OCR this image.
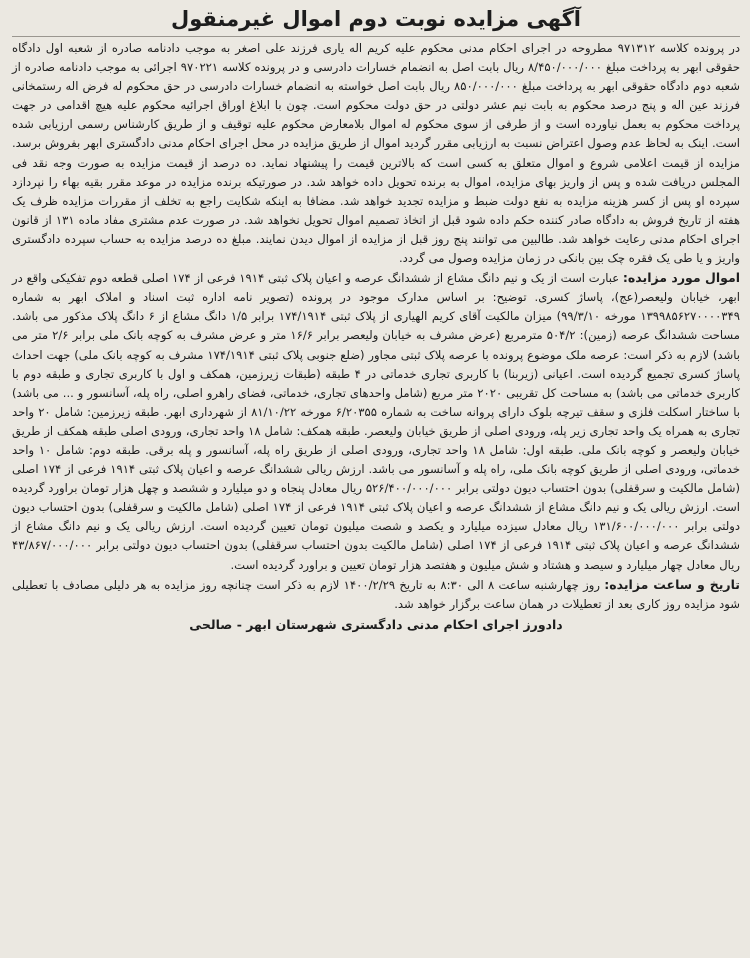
آگهی مزایده نوبت دوم اموال غیرمنقول

در پرونده کلاسه ۹۷۱۳۱۲ مطروحه در اجرای احکام مدنی محکوم علیه کریم اله یاری فرزند علی اصغر به موجب دادنامه صادره از شعبه اول دادگاه حقوقی ابهر به پرداخت مبلغ ۸/۴۵۰/۰۰۰/۰۰۰ ریال بابت اصل به انضمام خسارات دادرسی و در پرونده کلاسه ۹۷۰۲۲۱ اجرائی به موجب دادنامه صادره از شعبه دوم دادگاه حقوقی ابهر به پرداخت مبلغ ۸۵۰/۰۰۰/۰۰۰ ریال بابت اصل خواسته به انضمام خسارات دادرسی در حق محکوم له فرض اله رستمخانی فرزند عین اله و پنج درصد محکوم به بابت نیم عشر دولتی در حق دولت محکوم است. چون با ابلاغ اوراق اجرائیه محکوم علیه هیچ اقدامی در جهت پرداخت محکوم به بعمل نیاورده است و از طرفی از سوی محکوم له اموال بلامعارض محکوم علیه توقیف و از طریق کارشناس رسمی ارزیابی شده است. اینک به لحاظ عدم وصول اعتراض نسبت به ارزیابی مقرر گردید اموال از طریق مزایده در محل اجرای احکام مدنی دادگستری ابهر بفروش برسد. مزایده از قیمت اعلامی شروع و اموال متعلق به کسی است که بالاترین قیمت را پیشنهاد نماید. ده درصد از قیمت مزایده به صورت وجه نقد فی المجلس دریافت شده و پس از واریز بهای مزایده، اموال به برنده تحویل داده خواهد شد. در صورتیکه برنده مزایده در موعد مقرر بقیه بهاء را نپردازد سپرده او پس از کسر هزینه مزایده به نفع دولت ضبط و مزایده تجدید خواهد شد. مضافا به اینکه شکایت راجع به تخلف از مقررات مزایده ظرف یک هفته از تاریخ فروش به دادگاه صادر کننده حکم داده شود قبل از اتخاذ تصمیم اموال تحویل نخواهد شد. در صورت عدم مشتری مفاد ماده ۱۳۱ از قانون اجرای احکام مدنی رعایت خواهد شد. طالبین می توانند پنج روز قبل از مزایده از اموال دیدن نمایند. مبلغ ده درصد مزایده به حساب سپرده دادگستری واریز و یا طی یک فقره چک بین بانکی در زمان مزایده وصول می گردد.

اموال مورد مزایده: عبارت است از یک و نیم دانگ مشاع از ششدانگ عرصه و اعیان پلاک ثبتی ۱۹۱۴ فرعی از ۱۷۴ اصلی قطعه دوم تفکیکی واقع در ابهر، خیابان ولیعصر(عج)، پاساژ کسری. توضیح: بر اساس مدارک موجود در پرونده (تصویر نامه اداره ثبت اسناد و املاک ابهر به شماره ۱۳۹۹۸۵۶۲۷۰۰۰۰۳۴۹ مورخه ۹۹/۳/۱۰) میزان مالکیت آقای کریم الهیاری از پلاک ثبتی ۱۷۴/۱۹۱۴ برابر ۱/۵ دانگ مشاع از ۶ دانگ پلاک مذکور می باشد. مساحت ششدانگ عرصه (زمین): ۵۰۴/۲ مترمربع (عرض مشرف به خیابان ولیعصر برابر ۱۶/۶ متر و عرض مشرف به کوچه بانک ملی برابر ۲/۶ متر می باشد) لازم به ذکر است: عرصه ملک موضوع پرونده با عرصه پلاک ثبتی مجاور (ضلع جنوبی پلاک ثبتی ۱۷۴/۱۹۱۴ مشرف به کوچه بانک ملی) جهت احداث پاساژ کسری تجمیع گردیده است. اعیانی (زیربنا) با کاربری تجاری خدماتی در ۴ طبقه (طبقات زیرزمین، همکف و اول با کاربری تجاری و طبقه دوم با کاربری خدماتی می باشد) به مساحت کل تقریبی ۲۰۲۰ متر مربع (شامل واحدهای تجاری، خدماتی، فضای راهرو اصلی، راه پله، آسانسور و ... می باشد) با ساختار اسکلت فلزی و سقف تیرچه بلوک دارای پروانه ساخت به شماره ۶/۲۰۳۵۵ مورخه ۸۱/۱۰/۲۲ از شهرداری ابهر. طبقه زیرزمین: شامل ۲۰ واحد تجاری به همراه یک واحد تجاری زیر پله، ورودی اصلی از طریق خیابان ولیعصر. طبقه همکف: شامل ۱۸ واحد تجاری، ورودی اصلی طبقه همکف از طریق خیابان ولیعصر و کوچه بانک ملی. طبقه اول: شامل ۱۸ واحد تجاری، ورودی اصلی از طریق راه پله، آسانسور و پله برقی. طبقه دوم: شامل ۱۰ واحد خدماتی، ورودی اصلی از طریق کوچه بانک ملی، راه پله و آسانسور می باشد. ارزش ریالی ششدانگ عرصه و اعیان پلاک ثبتی ۱۹۱۴ فرعی از ۱۷۴ اصلی (شامل مالکیت و سرقفلی) بدون احتساب دیون دولتی برابر ۵۲۶/۴۰۰/۰۰۰/۰۰۰ ریال معادل پنجاه و دو میلیارد و ششصد و چهل هزار تومان براورد گردیده است. ارزش ریالی یک و نیم دانگ مشاع از ششدانگ عرصه و اعیان پلاک ثبتی ۱۹۱۴ فرعی از ۱۷۴ اصلی (شامل مالکیت و سرقفلی) بدون احتساب دیون دولتی برابر ۱۳۱/۶۰۰/۰۰۰/۰۰۰ ریال معادل سیزده میلیارد و یکصد و شصت میلیون تومان تعیین گردیده است. ارزش ریالی یک و نیم دانگ مشاع از ششدانگ عرصه و اعیان پلاک ثبتی ۱۹۱۴ فرعی از ۱۷۴ اصلی (شامل مالکیت بدون احتساب سرقفلی) بدون احتساب دیون دولتی برابر ۴۳/۸۶۷/۰۰۰/۰۰۰ ریال معادل چهار میلیارد و سیصد و هشتاد و شش میلیون و هفتصد هزار تومان تعیین و براورد گردیده است.

تاریخ و ساعت مزایده: روز چهارشنبه ساعت ۸ الی ۸:۳۰ به تاریخ ۱۴۰۰/۲/۲۹ لازم به ذکر است چنانچه روز مزایده به هر دلیلی مصادف با تعطیلی شود مزایده روز کاری بعد از تعطیلات در همان ساعت برگزار خواهد شد.

دادورز اجرای احکام مدنی دادگستری شهرستان ابهر - صالحی
